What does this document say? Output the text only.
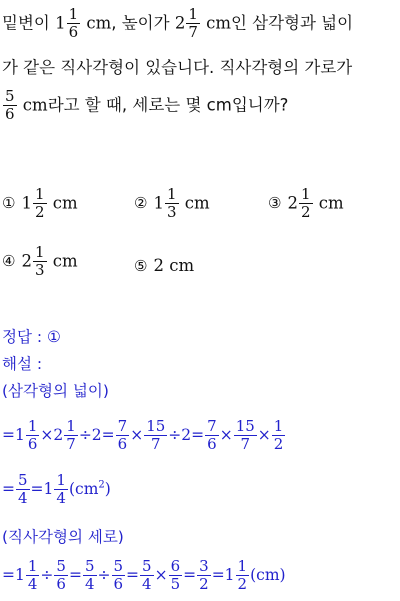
밑변이 $1 \frac{1}{6}$ cm, 높이가 $2 \frac{1}{7}$ cm인 삼각형과 넓이
가 같은 직사각형이 있습니다. 직사각형의 가로가
$\frac{5}{6}$ cm라고 할 때, 세로는 몇 cm입니까?
① $1 \frac{1}{2}$ cm	② $1 \frac{1}{3}$ cm	③ $2 \frac{1}{2}$ cm
④ $2 \frac{1}{3}$ cm	⑤ 2 cm
정답 : ①
해설 :
(삼각형의 넓이)
$=1 \frac{1}{6} \times 2 \frac{1}{7} \div 2= \frac{7}{6} \times \frac{15}{7} \div 2= \frac{7}{6} \times \frac{15}{7} \times \frac{1}{2}$
= $\frac{5}{4} =1 \frac{1}{4} (cm^2)$
(직사각형의 세로)
$=1 \frac{1}{4} \div \frac{5}{6} = \frac{5}{4} \div \frac{5}{6} = \frac{5}{4} \times \frac{6}{5} = \frac{3}{2} =1 \frac{1}{2} (cm)$
